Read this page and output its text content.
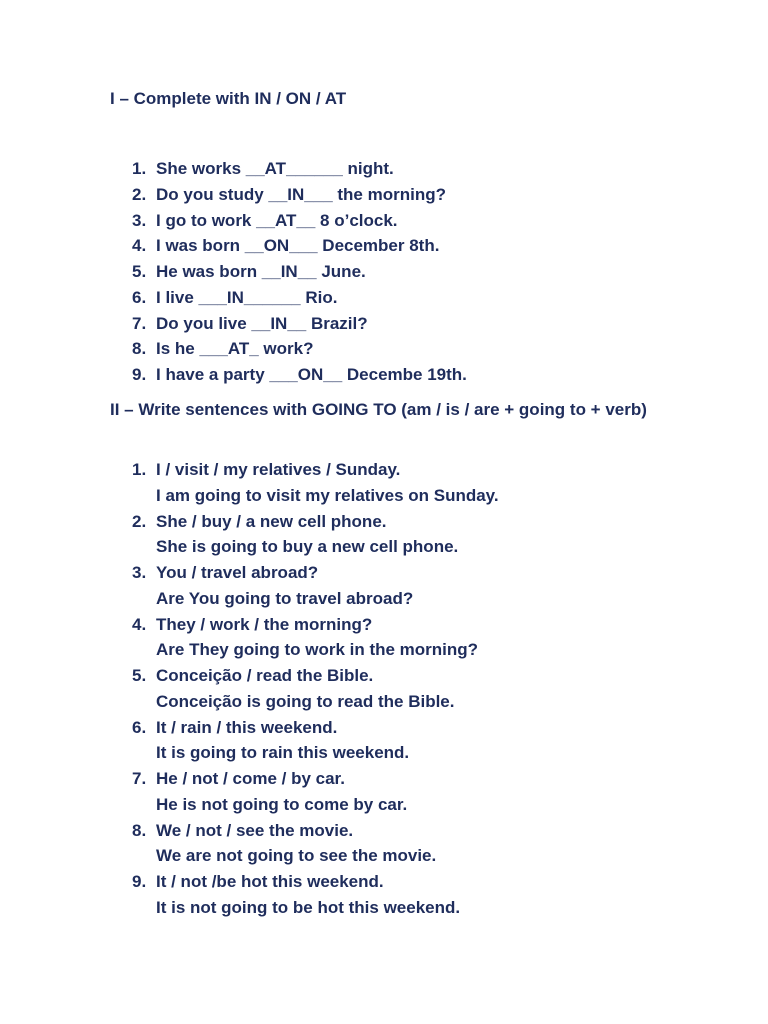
I – Complete with IN / ON / AT
1. She works __AT______ night.
2. Do you study __IN___ the morning?
3. I go to work __AT__ 8 o’clock.
4. I was born __ON___ December 8th.
5. He was born __IN__ June.
6. I live ___IN______ Rio.
7. Do you live __IN__ Brazil?
8. Is he ___AT_ work?
9. I have a party ___ON__ Decembe 19th.
II – Write sentences with GOING TO (am / is / are + going to + verb)
1. I / visit / my relatives / Sunday.
I am going to visit my relatives on Sunday.
2. She / buy / a new cell phone.
She is going to buy a new cell phone.
3. You / travel abroad?
Are You going to travel abroad?
4. They / work / the morning?
Are They going to work in the morning?
5. Conceição / read the Bible.
Conceição is going to read the Bible.
6. It / rain / this weekend.
It is going to rain this weekend.
7. He / not / come / by car.
He is not going to come by car.
8. We / not / see the movie.
We are not going to see the movie.
9. It / not /be hot this weekend.
It is not going to be hot this weekend.
